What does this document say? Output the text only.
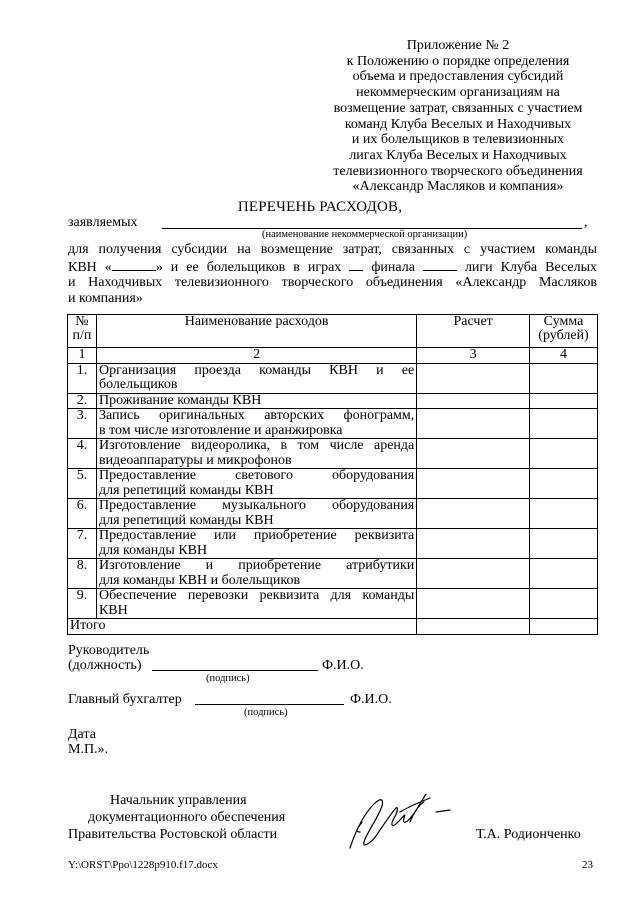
Приложение № 2
к Положению о порядке определения
объема и предоставления субсидий
некоммерческим организациям на
возмещение затрат, связанных с участием
команд Клуба Веселых и Находчивых
и их болельщиков в телевизионных
лигах Клуба Веселых и Находчивых
телевизионного творческого объединения
«Александр Масляков и компания»
ПЕРЕЧЕНЬ РАСХОДОВ,
заявляемых	,
(наименование некоммерческой организации)
для получения субсидии на возмещение затрат, связанных с участием команды
КВН «	» и ее болельщиков в играх финала	лиги Клуба Веселых
и Находчивых телевизионного творческого объединения «Александр Масляков
и компания»
№ п/п	Наименование расходов	Расчет	Сумма (рублей)
1	2	3	4
1.	Организация проезда команды КВН и ее
болельщиков		

2.	Проживание команды КВН		

3.	Запись оригинальных авторских фонограмм,
в том числе изготовление и аранжировка		

4.	Изготовление видеоролика, в том числе аренда
видеоаппаратуры и микрофонов		

5.	Предоставление светового оборудования
для репетиций команды КВН		

6.	Предоставление музыкального оборудования
для репетиций команды КВН		

7.	Предоставление или приобретение реквизита
для команды КВН		

8.	Изготовление и приобретение атрибутики
для команды КВН и болельщиков		

9.	Обеспечение перевозки реквизита для команды
КВН		

Итого			
Руководитель
(должность)	Ф.И.О.
(подпись)
Главный бухгалтер	Ф.И.О.
(подпись)
Дата
М.П.».
Начальник управления
документационного обеспечения
Правительства Ростовской области	Т.А. Родионченко
Y:\ORST\Ppo\1228p910.f17.docx	23
